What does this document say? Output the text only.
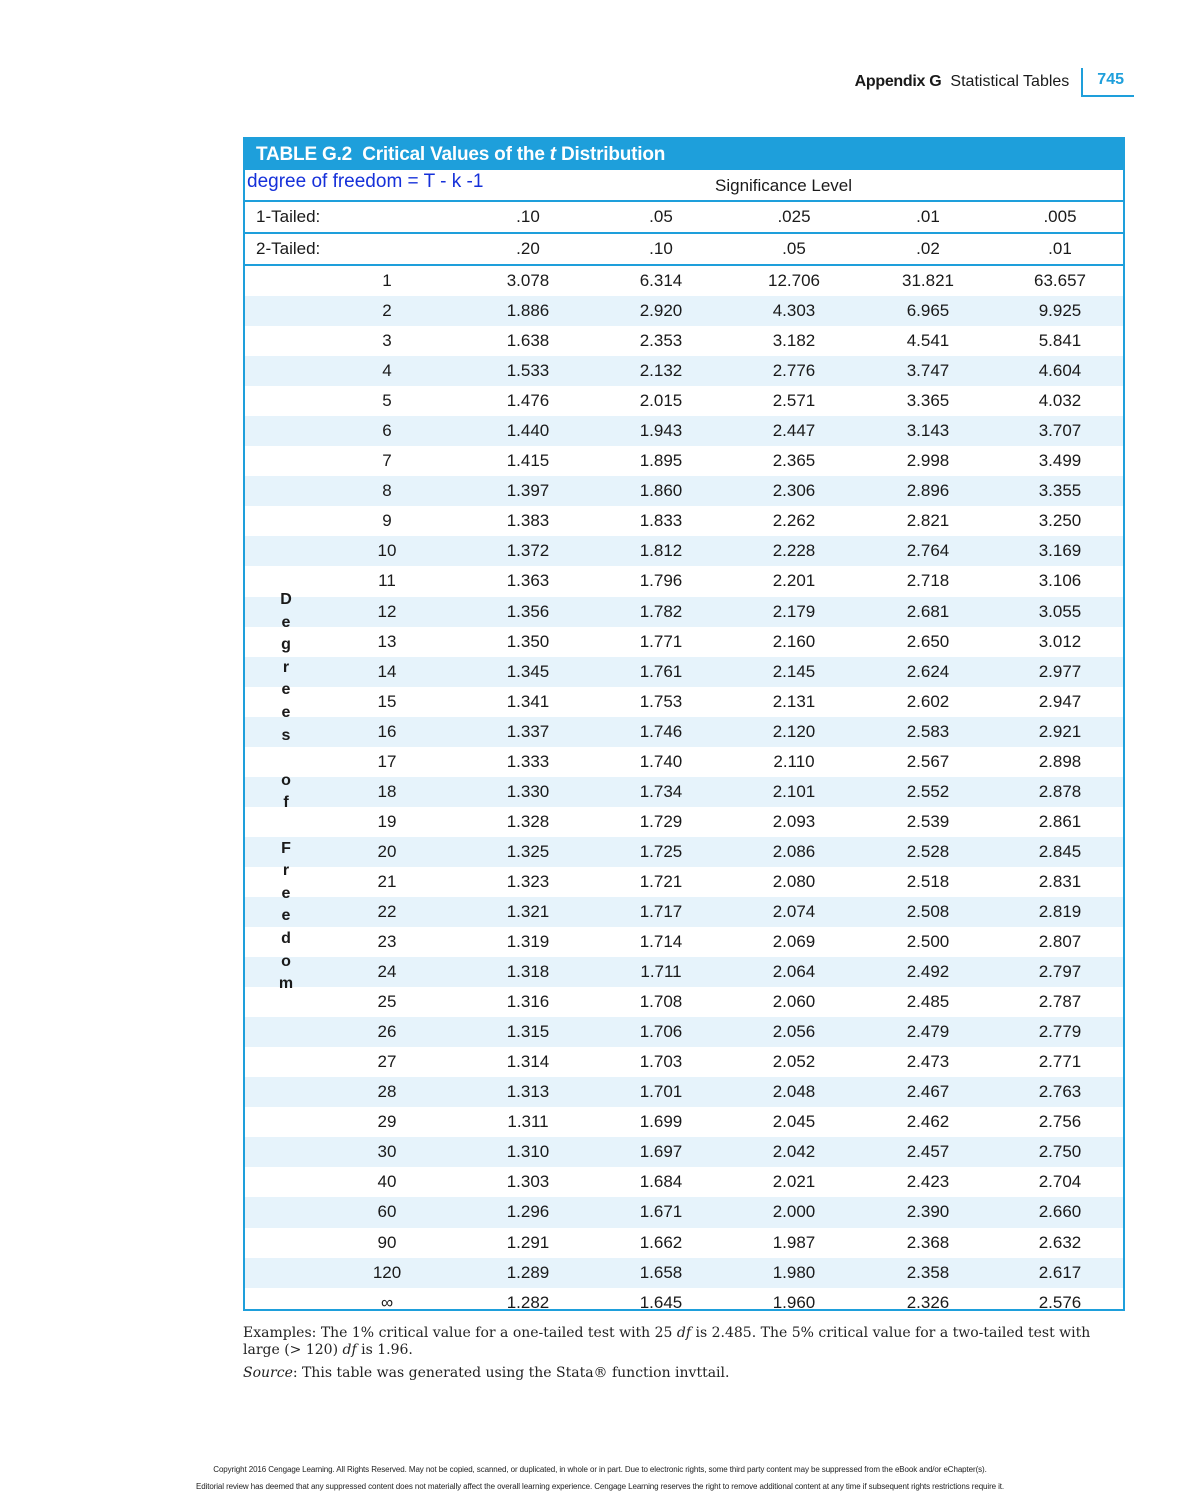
Appendix G Statistical Tables	745
TABLE G.2 Critical Values of the t Distribution
degree of freedom = T - k -1	Significance Level
1-Tailed:	.10	.05	.025	.01	.005
2-Tailed:	.20	.10	.05	.02	.01
1	3.078	6.314	12.706	31.821	63.657
2	1.886	2.920	4.303	6.965	9.925
3	1.638	2.353	3.182	4.541	5.841
4	1.533	2.132	2.776	3.747	4.604
5	1.476	2.015	2.571	3.365	4.032
6	1.440	1.943	2.447	3.143	3.707
7	1.415	1.895	2.365	2.998	3.499
8	1.397	1.860	2.306	2.896	3.355
9	1.383	1.833	2.262	2.821	3.250
10	1.372	1.812	2.228	2.764	3.169
11	1.363	1.796	2.201	2.718	3.106
12	1.356	1.782	2.179	2.681	3.055
13	1.350	1.771	2.160	2.650	3.012
14	1.345	1.761	2.145	2.624	2.977
15	1.341	1.753	2.131	2.602	2.947
16	1.337	1.746	2.120	2.583	2.921
17	1.333	1.740	2.110	2.567	2.898
18	1.330	1.734	2.101	2.552	2.878
19	1.328	1.729	2.093	2.539	2.861
20	1.325	1.725	2.086	2.528	2.845
21	1.323	1.721	2.080	2.518	2.831
22	1.321	1.717	2.074	2.508	2.819
23	1.319	1.714	2.069	2.500	2.807
24	1.318	1.711	2.064	2.492	2.797
25	1.316	1.708	2.060	2.485	2.787
26	1.315	1.706	2.056	2.479	2.779
27	1.314	1.703	2.052	2.473	2.771
28	1.313	1.701	2.048	2.467	2.763
29	1.311	1.699	2.045	2.462	2.756
30	1.310	1.697	2.042	2.457	2.750
40	1.303	1.684	2.021	2.423	2.704
60	1.296	1.671	2.000	2.390	2.660
90	1.291	1.662	1.987	2.368	2.632
120	1.289	1.658	1.980	2.358	2.617
∞	1.282	1.645	1.960	2.326	2.576
D
e
g
r
e
e
s
o
f
F
r
e
e
d
o
m

Examples: The 1% critical value for a one-tailed test with 25 df is 2.485. The 5% critical value for a two-tailed test with large (> 120) df is 1.96.

Source: This table was generated using the Stata® function invttail.

Copyright 2016 Cengage Learning. All Rights Reserved. May not be copied, scanned, or duplicated, in whole or in part. Due to electronic rights, some third party content may be suppressed from the eBook and/or eChapter(s).
Editorial review has deemed that any suppressed content does not materially affect the overall learning experience. Cengage Learning reserves the right to remove additional content at any time if subsequent rights restrictions require it.
